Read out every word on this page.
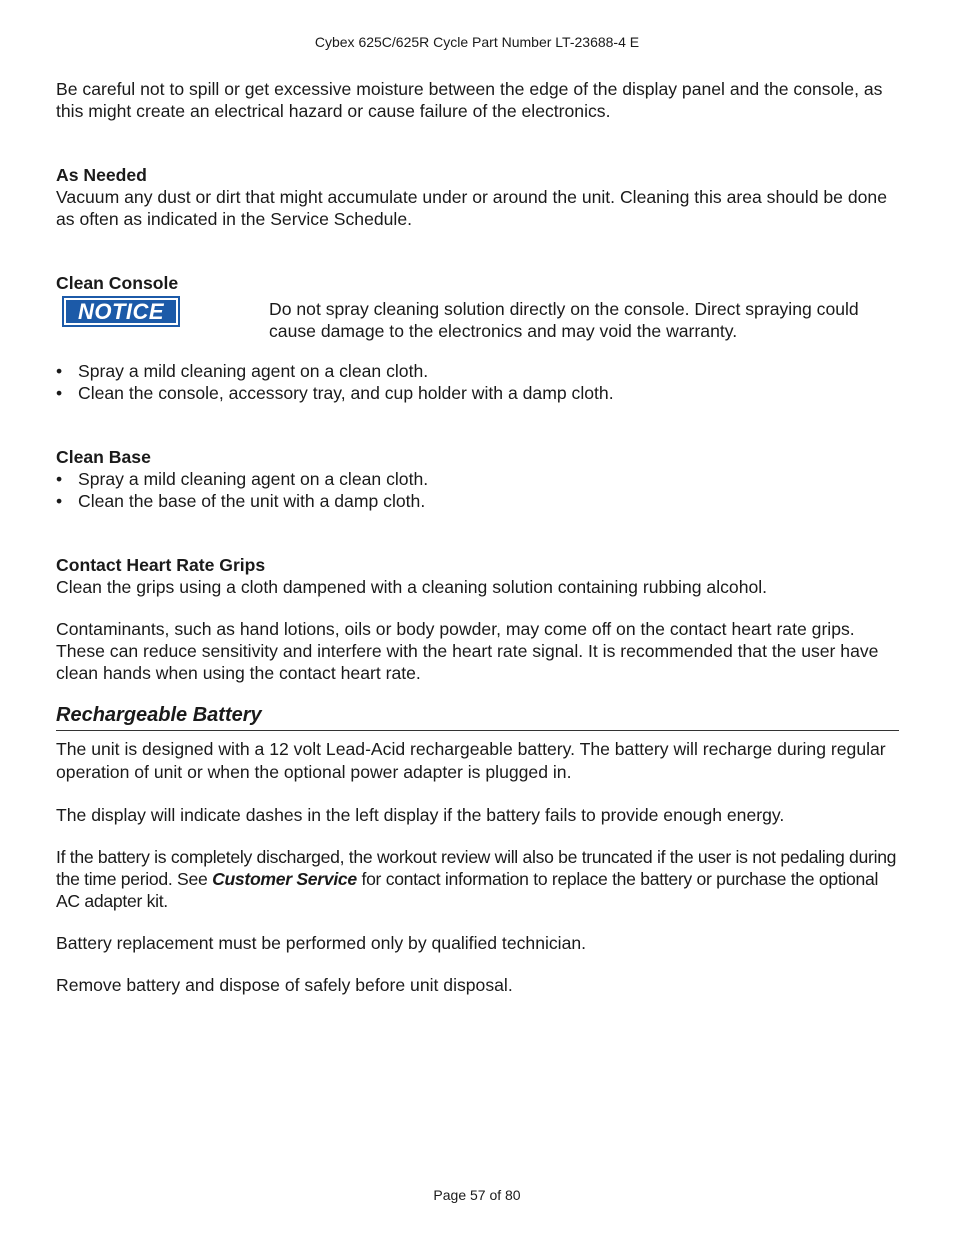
Cybex 625C/625R Cycle Part Number LT-23688-4 E

Be careful not to spill or get excessive moisture between the edge of the display panel and the console, as this might create an electrical hazard or cause failure of the electronics.

As Needed

Vacuum any dust or dirt that might accumulate under or around the unit. Cleaning this area should be done as often as indicated in the Service Schedule.

Clean Console
NOTICE	Do not spray cleaning solution directly on the console. Direct spraying could cause damage to the electronics and may void the warranty.

• Spray a mild cleaning agent on a clean cloth.
• Clean the console, accessory tray, and cup holder with a damp cloth.
Clean Base
• Spray a mild cleaning agent on a clean cloth.
• Clean the base of the unit with a damp cloth.
Contact Heart Rate Grips

Clean the grips using a cloth dampened with a cleaning solution containing rubbing alcohol.

Contaminants, such as hand lotions, oils or body powder, may come off on the contact heart rate grips. These can reduce sensitivity and interfere with the heart rate signal. It is recommended that the user have clean hands when using the contact heart rate.

Rechargeable Battery

The unit is designed with a 12 volt Lead-Acid rechargeable battery. The battery will recharge during regular operation of unit or when the optional power adapter is plugged in.

The display will indicate dashes in the left display if the battery fails to provide enough energy.

If the battery is completely discharged, the workout review will also be truncated if the user is not pedaling during the time period. See Customer Service for contact information to replace the battery or purchase the optional AC adapter kit.

Battery replacement must be performed only by qualified technician.

Remove battery and dispose of safely before unit disposal.

Page 57 of 80
